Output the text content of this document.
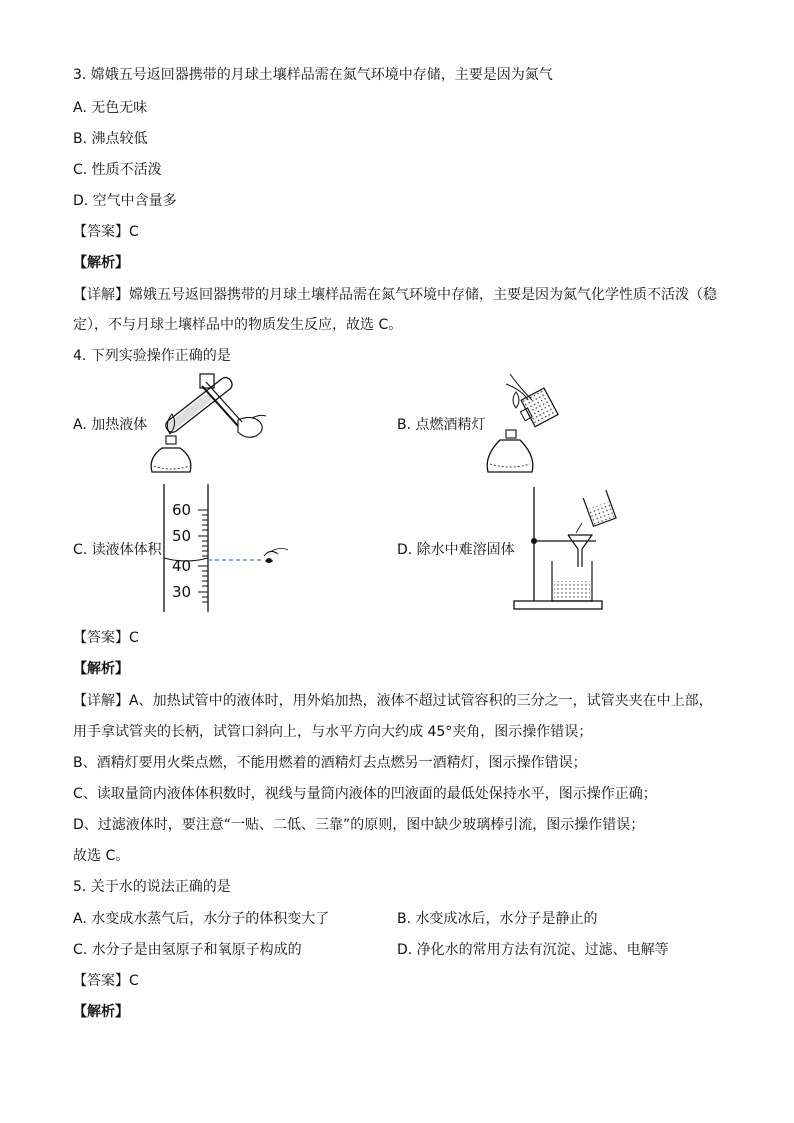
3. 嫦娥五号返回器携带的月球土壤样品需在氮气环境中存储，主要是因为氮气
A. 无色无味
B. 沸点较低
C. 性质不活泼
D. 空气中含量多
【答案】C
【解析】
【详解】嫦娥五号返回器携带的月球土壤样品需在氮气环境中存储，主要是因为氮气化学性质不活泼（稳
定），不与月球土壤样品中的物质发生反应，故选 C。
4. 下列实验操作正确的是
A. 加热液体	B. 点燃酒精灯
C. 读液体体积
60
50
40
30
D. 除水中难溶固体
【答案】C
【解析】
【详解】A、加热试管中的液体时，用外焰加热，液体不超过试管容积的三分之一，试管夹夹在中上部，
用手拿试管夹的长柄，试管口斜向上，与水平方向大约成 45°夹角，图示操作错误；
B、酒精灯要用火柴点燃，不能用燃着的酒精灯去点燃另一酒精灯，图示操作错误；
C、读取量筒内液体体积数时，视线与量筒内液体的凹液面的最低处保持水平，图示操作正确；
D、过滤液体时，要注意“一贴、二低、三靠”的原则，图中缺少玻璃棒引流，图示操作错误；
故选 C。
5. 关于水的说法正确的是
A. 水变成水蒸气后，水分子的体积变大了	B. 水变成冰后，水分子是静止的
C. 水分子是由氢原子和氧原子构成的	D. 净化水的常用方法有沉淀、过滤、电解等
【答案】C
【解析】
